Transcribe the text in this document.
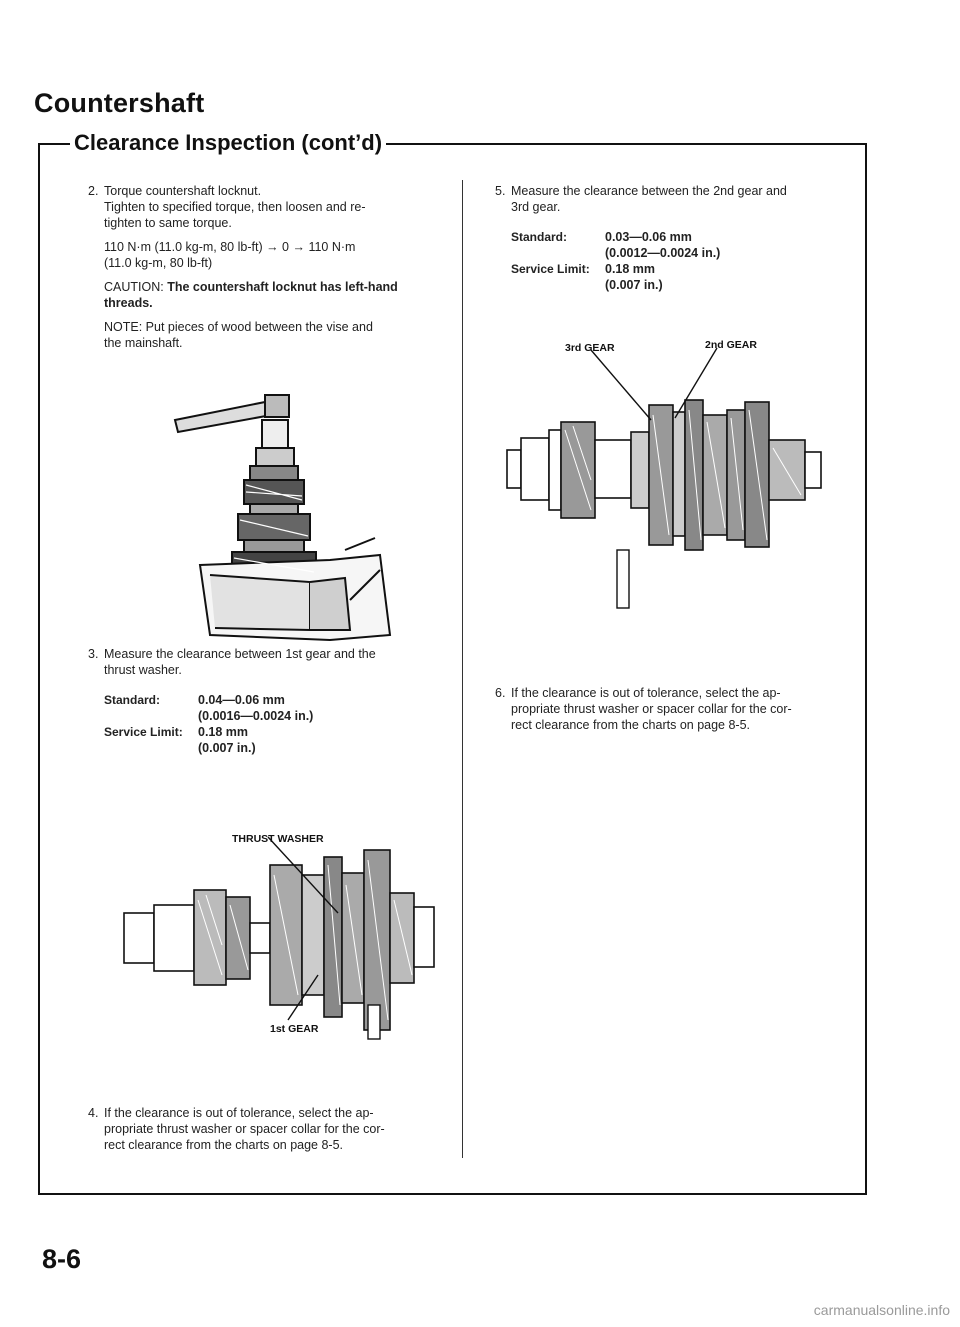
Countershaft
Clearance Inspection (cont’d)
2. Torque countershaft locknut.
Tighten to specified torque, then loosen and re-
tighten to same torque.
110 N·m (11.0 kg-m, 80 lb-ft) → 0 → 110 N·m
(11.0 kg-m, 80 lb-ft)
CAUTION: The countershaft locknut has left-hand
threads.
NOTE: Put pieces of wood between the vise and
the mainshaft.
3. Measure the clearance between 1st gear and the
thrust washer.
Standard:	0.04—0.06 mm
(0.0016—0.0024 in.)
Service Limit:	0.18 mm
(0.007 in.)
THRUST WASHER
1st GEAR
4. If the clearance is out of tolerance, select the ap-
propriate thrust washer or spacer collar for the cor-
rect clearance from the charts on page 8-5.
5. Measure the clearance between the 2nd gear and
3rd gear.
Standard:	0.03—0.06 mm
(0.0012—0.0024 in.)
Service Limit:	0.18 mm
(0.007 in.)
3rd GEAR	2nd GEAR
6. If the clearance is out of tolerance, select the ap-
propriate thrust washer or spacer collar for the cor-
rect clearance from the charts on page 8-5.
8-6
carmanualsonline.info
